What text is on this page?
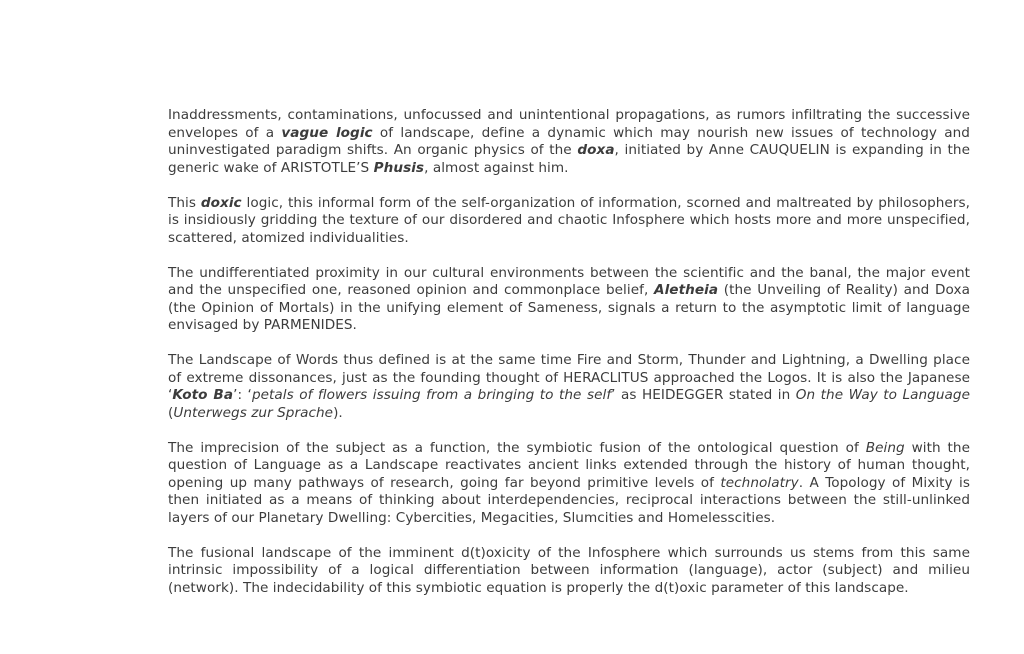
Inaddressments, contaminations, unfocussed and unintentional propagations, as rumors infiltrating the successive envelopes of a vague logic of landscape, define a dynamic which may nourish new issues of technology and uninvestigated paradigm shifts. An organic physics of the doxa, initiated by Anne CAUQUELIN is expanding in the generic wake of ARISTOTLE’S Phusis, almost against him.

This doxic logic, this informal form of the self-organization of information, scorned and maltreated by philosophers, is insidiously gridding the texture of our disordered and chaotic Infosphere which hosts more and more unspecified, scattered, atomized individualities.

The undifferentiated proximity in our cultural environments between the scientific and the banal, the major event and the unspecified one, reasoned opinion and commonplace belief, Aletheia (the Unveiling of Reality) and Doxa (the Opinion of Mortals) in the unifying element of Sameness, signals a return to the asymptotic limit of language envisaged by PARMENIDES.

The Landscape of Words thus defined is at the same time Fire and Storm, Thunder and Lightning, a Dwelling place of extreme dissonances, just as the founding thought of HERACLITUS approached the Logos. It is also the Japanese ‘Koto Ba’: ‘petals of flowers issuing from a bringing to the self’ as HEIDEGGER stated in On the Way to Language (Unterwegs zur Sprache).

The imprecision of the subject as a function, the symbiotic fusion of the ontological question of Being with the question of Language as a Landscape reactivates ancient links extended through the history of human thought, opening up many pathways of research, going far beyond primitive levels of technolatry. A Topology of Mixity is then initiated as a means of thinking about interdependencies, reciprocal interactions between the still-unlinked layers of our Planetary Dwelling: Cybercities, Megacities, Slumcities and Homelesscities.

The fusional landscape of the imminent d(t)oxicity of the Infosphere which surrounds us stems from this same intrinsic impossibility of a logical differentiation between information (language), actor (subject) and milieu (network). The indecidability of this symbiotic equation is properly the d(t)oxic parameter of this landscape.
